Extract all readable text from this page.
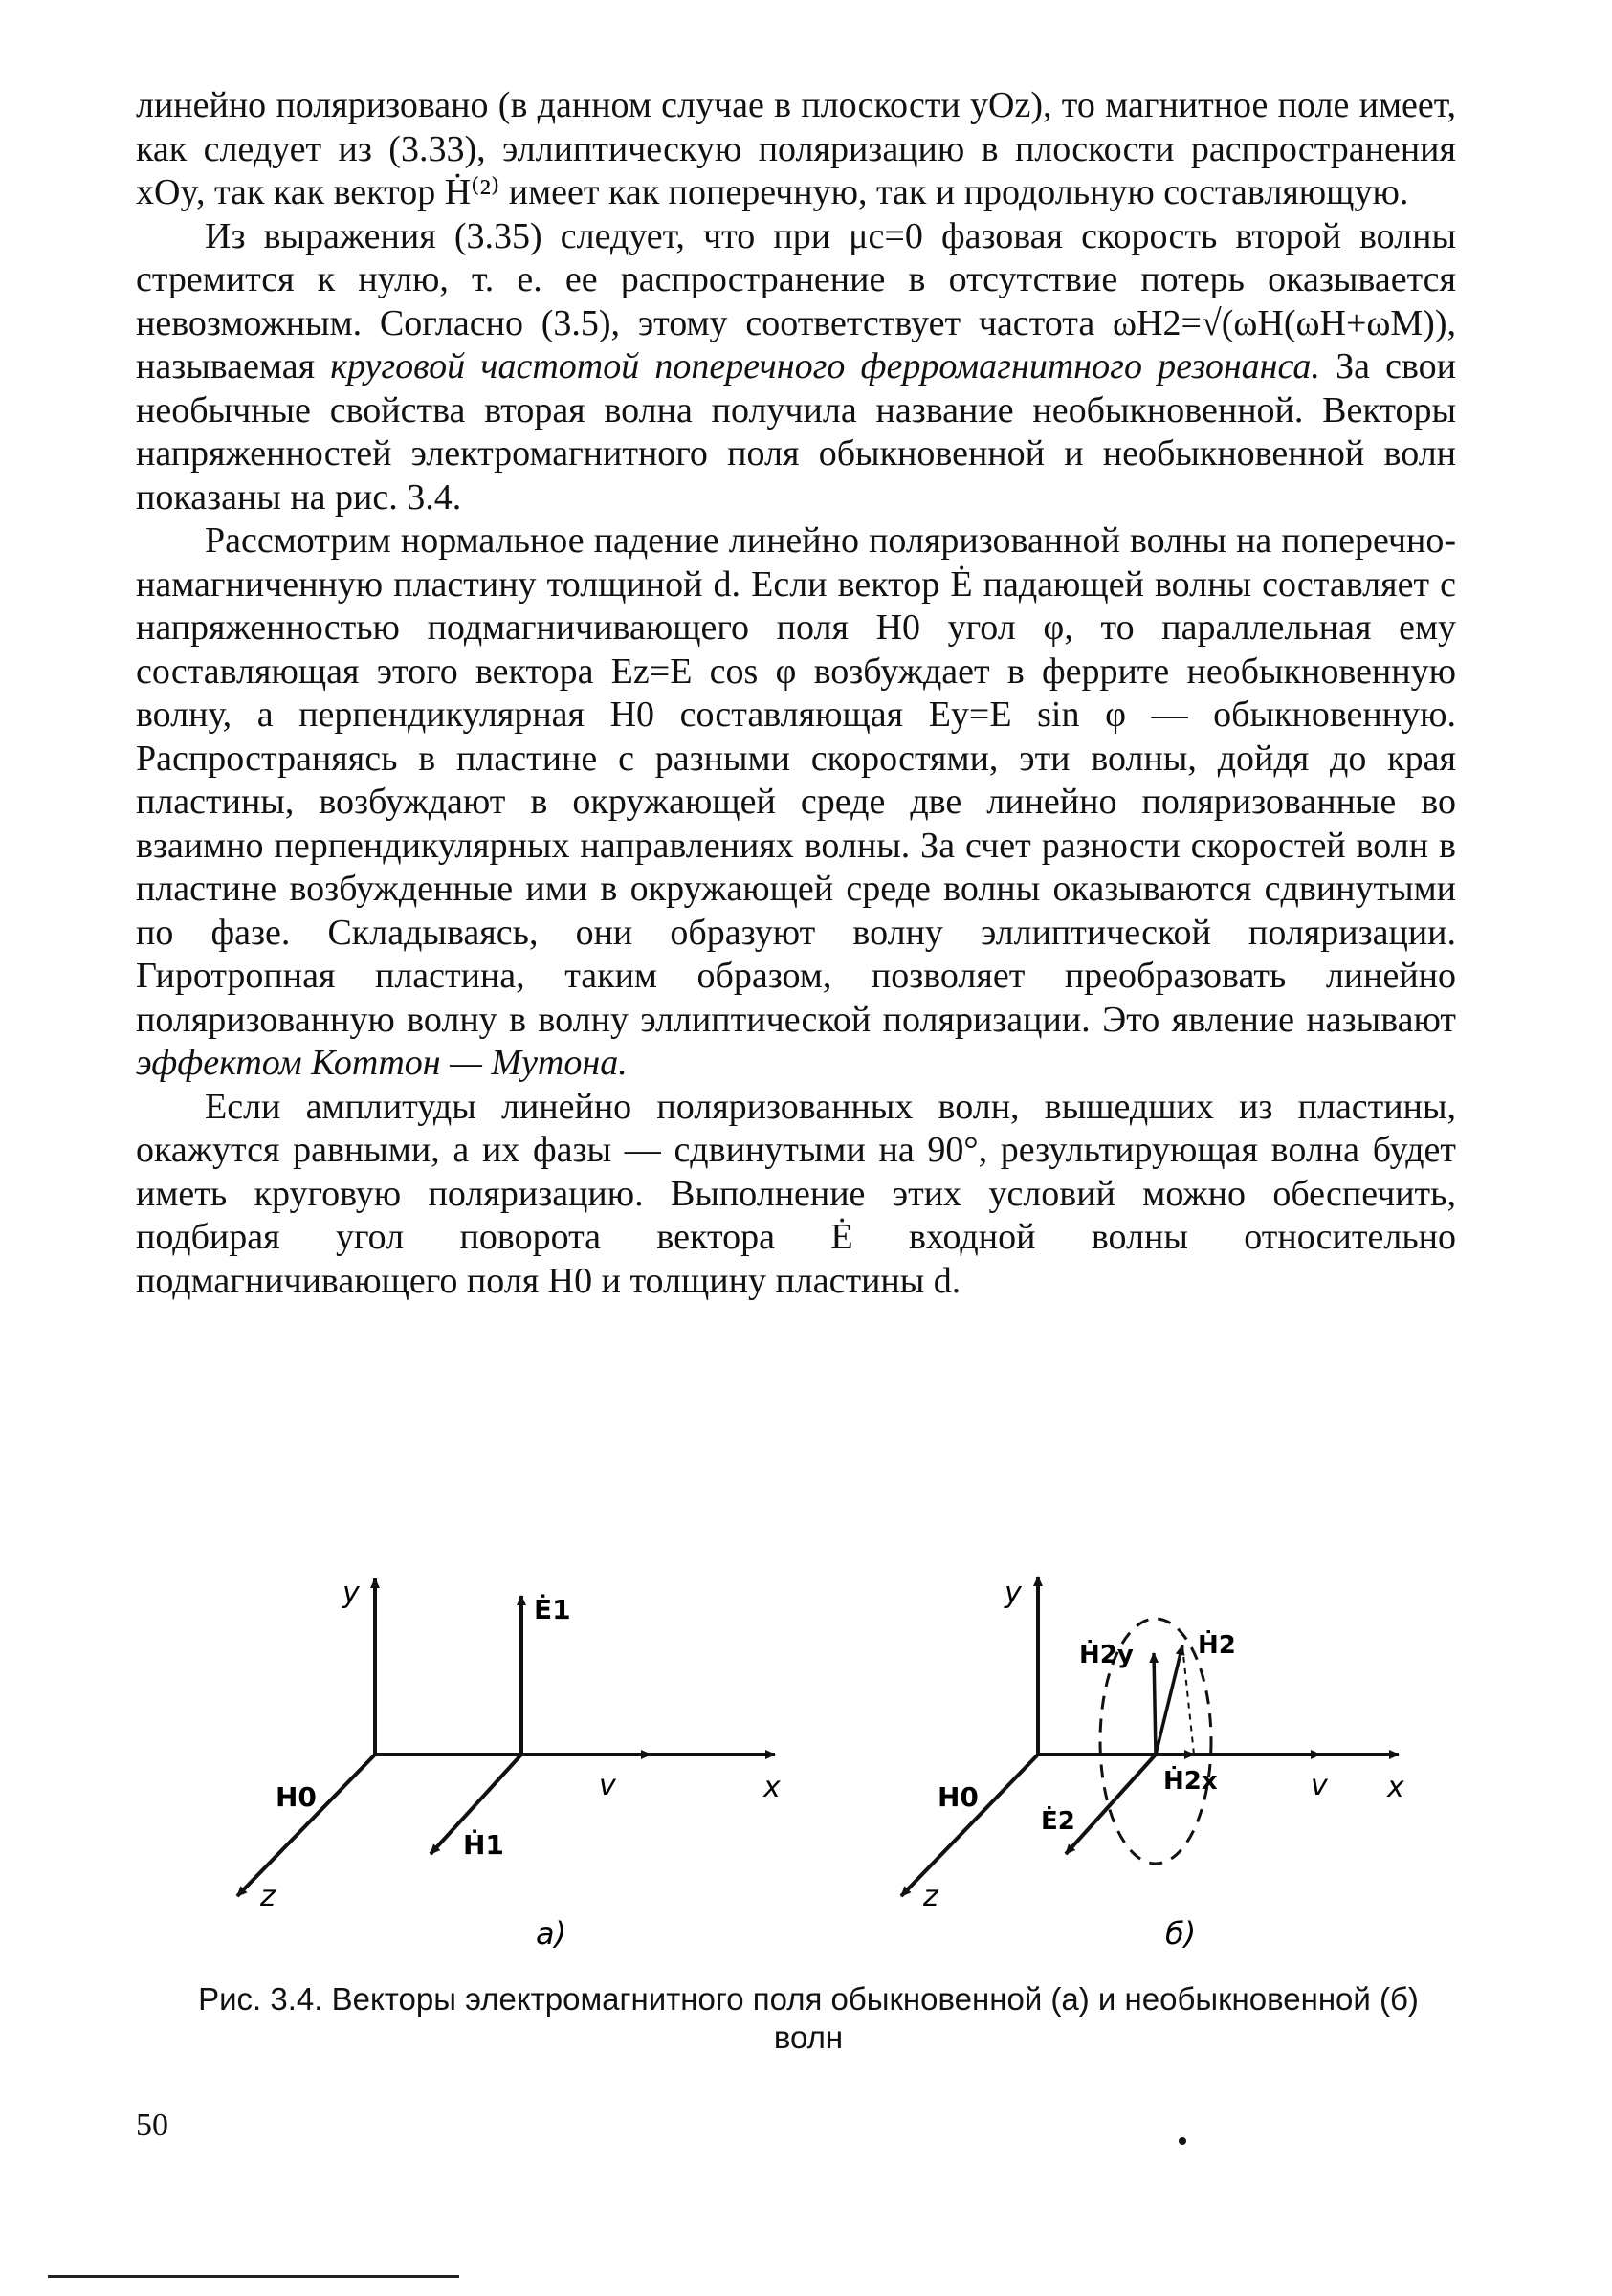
линейно поляризовано (в данном случае в плоскости yOz), то магнитное поле имеет, как следует из (3.33), эллиптическую поляризацию в плоскости распространения xOy, так как вектор Ḣ⁽²⁾ имеет как поперечную, так и продольную составляющую.

Из выражения (3.35) следует, что при μc=0 фазовая скорость второй волны стремится к нулю, т. е. ее распространение в отсутствие потерь оказывается невозможным. Согласно (3.5), этому соответствует частота ωH2=√(ωH(ωH+ωM)), называемая круговой частотой поперечного ферромагнитного резонанса. За свои необычные свойства вторая волна получила название необыкновенной. Векторы напряженностей электромагнитного поля обыкновенной и необыкновенной волн показаны на рис. 3.4.

Рассмотрим нормальное падение линейно поляризованной волны на поперечно-намагниченную пластину толщиной d. Если вектор Ė падающей волны составляет с напряженностью подмагничивающего поля H0 угол φ, то параллельная ему составляющая этого вектора Ez=E cos φ возбуждает в феррите необыкновенную волну, а перпендикулярная H0 составляющая Ey=E sin φ — обыкновенную. Распространяясь в пластине с разными скоростями, эти волны, дойдя до края пластины, возбуждают в окружающей среде две линейно поляризованные во взаимно перпендикулярных направлениях волны. За счет разности скоростей волн в пластине возбужденные ими в окружающей среде волны оказываются сдвинутыми по фазе. Складываясь, они образуют волну эллиптической поляризации. Гиротропная пластина, таким образом, позволяет преобразовать линейно поляризованную волну в волну эллиптической поляризации. Это явление называют эффектом Коттон — Мутона.

Если амплитуды линейно поляризованных волн, вышедших из пластины, окажутся равными, а их фазы — сдвинутыми на 90°, результирующая волна будет иметь круговую поляризацию. Выполнение этих условий можно обеспечить, подбирая угол поворота вектора Ė входной волны относительно подмагничивающего поля H0 и толщину пластины d.

y
x
z
H0
Ė1
Ḣ1
v
а)
y
x
z
H0
Ḣ2y	Ḣ2
Ḣ2x
Ė2
v
б)
Рис. 3.4. Векторы электромагнитного поля обыкновенной (а) и необыкновенной (б) волн
50
